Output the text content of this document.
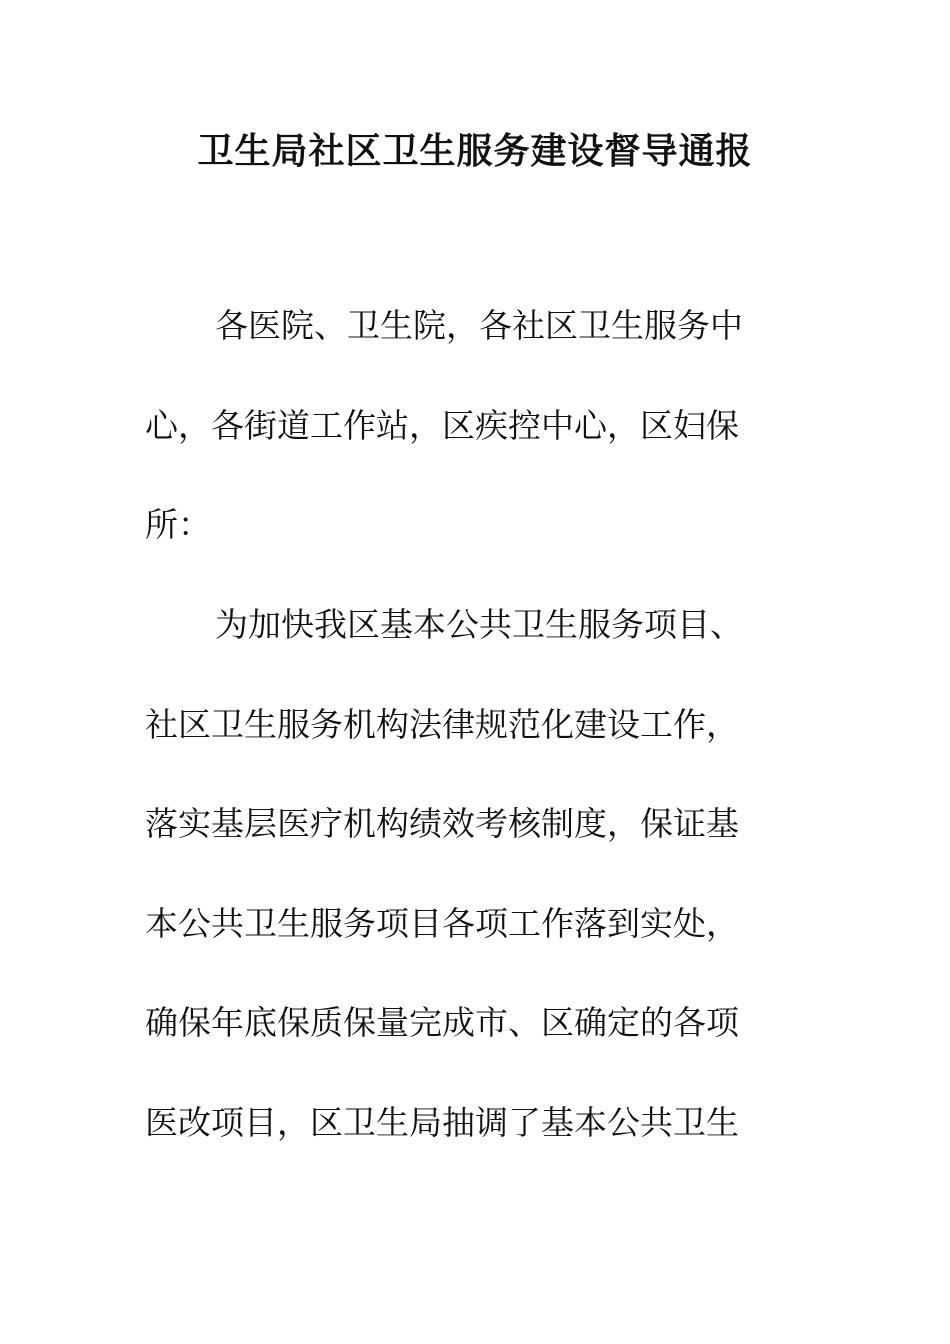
卫生局社区卫生服务建设督导通报

各医院、卫生院，各社区卫生服务中

心，各街道工作站，区疾控中心，区妇保

所：

为加快我区基本公共卫生服务项目、

社区卫生服务机构法律规范化建设工作，

落实基层医疗机构绩效考核制度，保证基

本公共卫生服务项目各项工作落到实处，

确保年底保质保量完成市、区确定的各项

医改项目，区卫生局抽调了基本公共卫生
